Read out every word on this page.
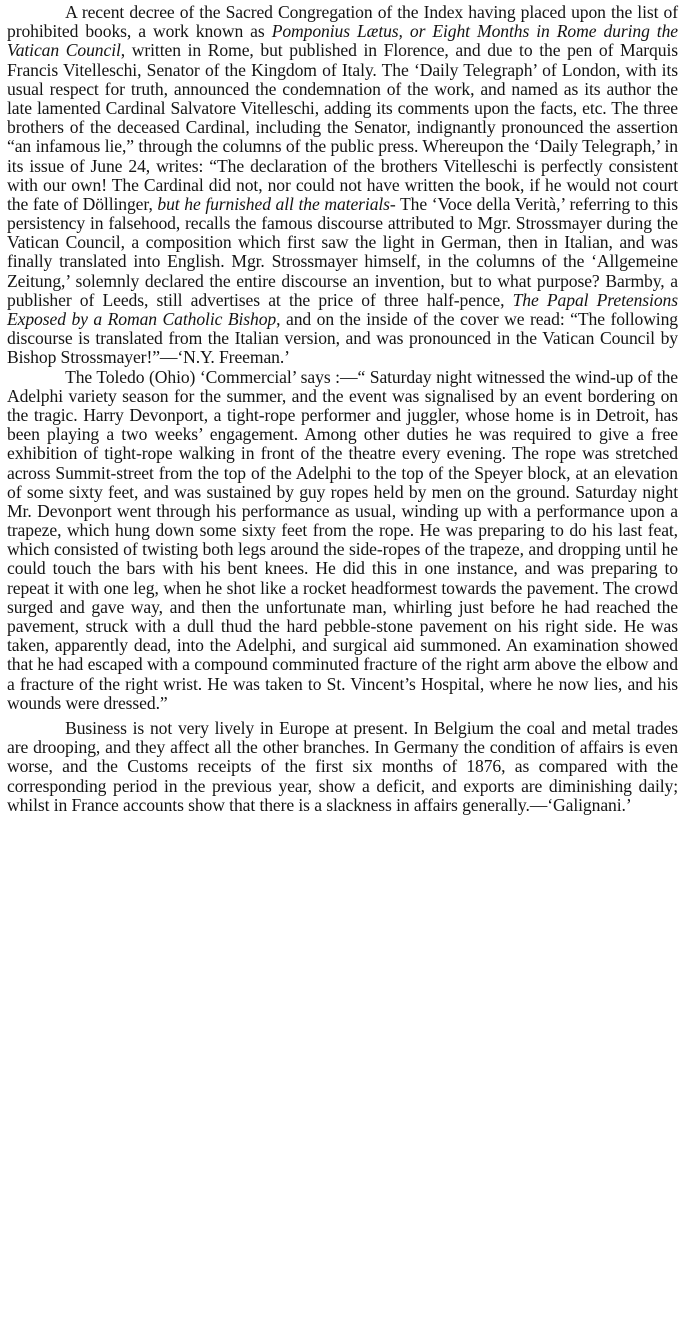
A recent decree of the Sacred Congregation of the Index having placed upon the list of prohibited books, a work known as Pomponius Lætus, or Eight Months in Rome during the Vatican Council, written in Rome, but published in Florence, and due to the pen of Marquis Francis Vitelleschi, Senator of the Kingdom of Italy. The ‘Daily Telegraph’ of London, with its usual respect for truth, announced the condemnation of the work, and named as its author the late lamented Cardinal Salvatore Vitelleschi, adding its comments upon the facts, etc. The three brothers of the deceased Cardinal, including the Senator, indignantly pronounced the assertion “an infamous lie,” through the columns of the public press. Whereupon the ‘Daily Telegraph,’ in its issue of June 24, writes: “The declaration of the brothers Vitelleschi is perfectly consistent with our own! The Cardinal did not, nor could not have written the book, if he would not court the fate of Döllinger, but he furnished all the materials- The ‘Voce della Verità,’ referring to this persistency in falsehood, recalls the famous discourse attributed to Mgr. Strossmayer during the Vatican Council, a composition which first saw the light in German, then in Italian, and was finally translated into English. Mgr. Strossmayer himself, in the columns of the ‘Allgemeine Zeitung,’ solemnly declared the entire discourse an invention, but to what purpose? Barmby, a publisher of Leeds, still advertises at the price of three half-pence, The Papal Pretensions Exposed by a Roman Catholic Bishop, and on the inside of the cover we read: “The following discourse is translated from the Italian version, and was pronounced in the Vatican Council by Bishop Strossmayer!”—‘N.Y. Freeman.’

The Toledo (Ohio) ‘Commercial’ says :—“ Saturday night witnessed the wind-up of the Adelphi variety season for the summer, and the event was signalised by an event bordering on the tragic. Harry Devonport, a tight-rope performer and juggler, whose home is in Detroit, has been playing a two weeks’ engagement. Among other duties he was required to give a free exhibition of tight-rope walking in front of the theatre every evening. The rope was stretched across Summit-street from the top of the Adelphi to the top of the Speyer block, at an elevation of some sixty feet, and was sustained by guy ropes held by men on the ground. Saturday night Mr. Devonport went through his performance as usual, winding up with a performance upon a trapeze, which hung down some sixty feet from the rope. He was preparing to do his last feat, which consisted of twisting both legs around the side-ropes of the trapeze, and dropping until he could touch the bars with his bent knees. He did this in one instance, and was preparing to repeat it with one leg, when he shot like a rocket headformest towards the pavement. The crowd surged and gave way, and then the unfortunate man, whirling just before he had reached the pavement, struck with a dull thud the hard pebble-stone pavement on his right side. He was taken, apparently dead, into the Adelphi, and surgical aid summoned. An examination showed that he had escaped with a compound comminuted fracture of the right arm above the elbow and a fracture of the right wrist. He was taken to St. Vincent’s Hospital, where he now lies, and his wounds were dressed.”

Business is not very lively in Europe at present. In Belgium the coal and metal trades are drooping, and they affect all the other branches. In Germany the condition of affairs is even worse, and the Customs receipts of the first six months of 1876, as compared with the corresponding period in the previous year, show a deficit, and exports are diminishing daily; whilst in France accounts show that there is a slackness in affairs generally.—‘Galignani.’
